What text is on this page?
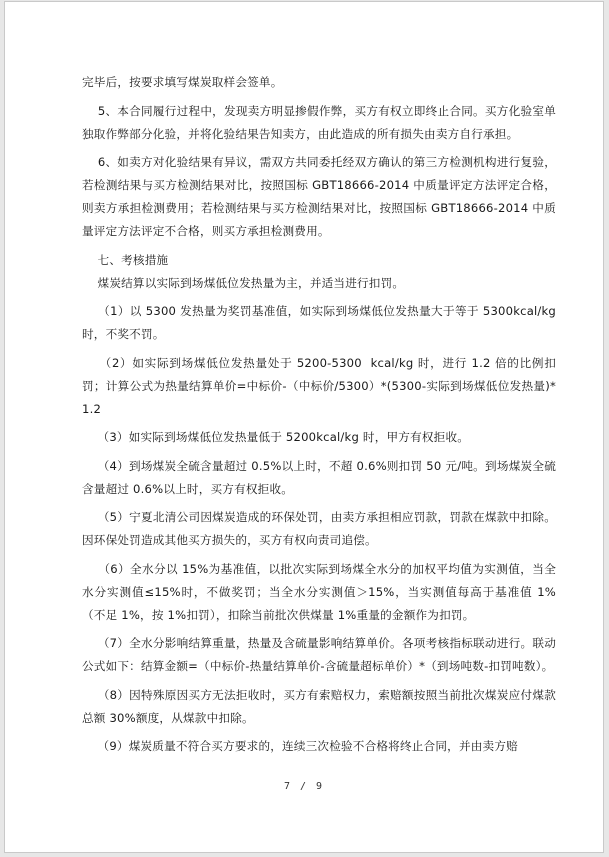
完毕后，按要求填写煤炭取样会签单。

5、本合同履行过程中，发现卖方明显掺假作弊，买方有权立即终止合同。买方化验室单独取作弊部分化验，并将化验结果告知卖方，由此造成的所有损失由卖方自行承担。

6、如卖方对化验结果有异议，需双方共同委托经双方确认的第三方检测机构进行复验，若检测结果与买方检测结果对比，按照国标 GBT18666-2014 中质量评定方法评定合格，则卖方承担检测费用；若检测结果与买方检测结果对比，按照国标 GBT18666-2014 中质量评定方法评定不合格，则买方承担检测费用。

七、考核措施

煤炭结算以实际到场煤低位发热量为主，并适当进行扣罚。

（1）以 5300 发热量为奖罚基准值，如实际到场煤低位发热量大于等于 5300kcal/kg 时，不奖不罚。

（2）如实际到场煤低位发热量处于 5200-5300  kcal/kg 时，进行 1.2 倍的比例扣罚；计算公式为热量结算单价=中标价-（中标价/5300）*(5300-实际到场煤低位发热量)*1.2

（3）如实际到场煤低位发热量低于 5200kcal/kg 时，甲方有权拒收。

（4）到场煤炭全硫含量超过 0.5%以上时，不超 0.6%则扣罚 50 元/吨。到场煤炭全硫含量超过 0.6%以上时，买方有权拒收。

（5）宁夏北清公司因煤炭造成的环保处罚，由卖方承担相应罚款，罚款在煤款中扣除。因环保处罚造成其他买方损失的，买方有权向责司追偿。

（6）全水分以 15%为基准值，以批次实际到场煤全水分的加权平均值为实测值，当全水分实测值≤15%时，不做奖罚；当全水分实测值＞15%，当实测值每高于基准值 1%（不足 1%，按 1%扣罚），扣除当前批次供煤量 1%重量的金额作为扣罚。

（7）全水分影响结算重量，热量及含硫量影响结算单价。各项考核指标联动进行。联动公式如下：结算金额=（中标价-热量结算单价-含硫量超标单价）*（到场吨数-扣罚吨数）。

（8）因特殊原因买方无法拒收时，买方有索赔权力，索赔额按照当前批次煤炭应付煤款总额 30%额度，从煤款中扣除。

（9）煤炭质量不符合买方要求的，连续三次检验不合格将终止合同，并由卖方赔

7 / 9
